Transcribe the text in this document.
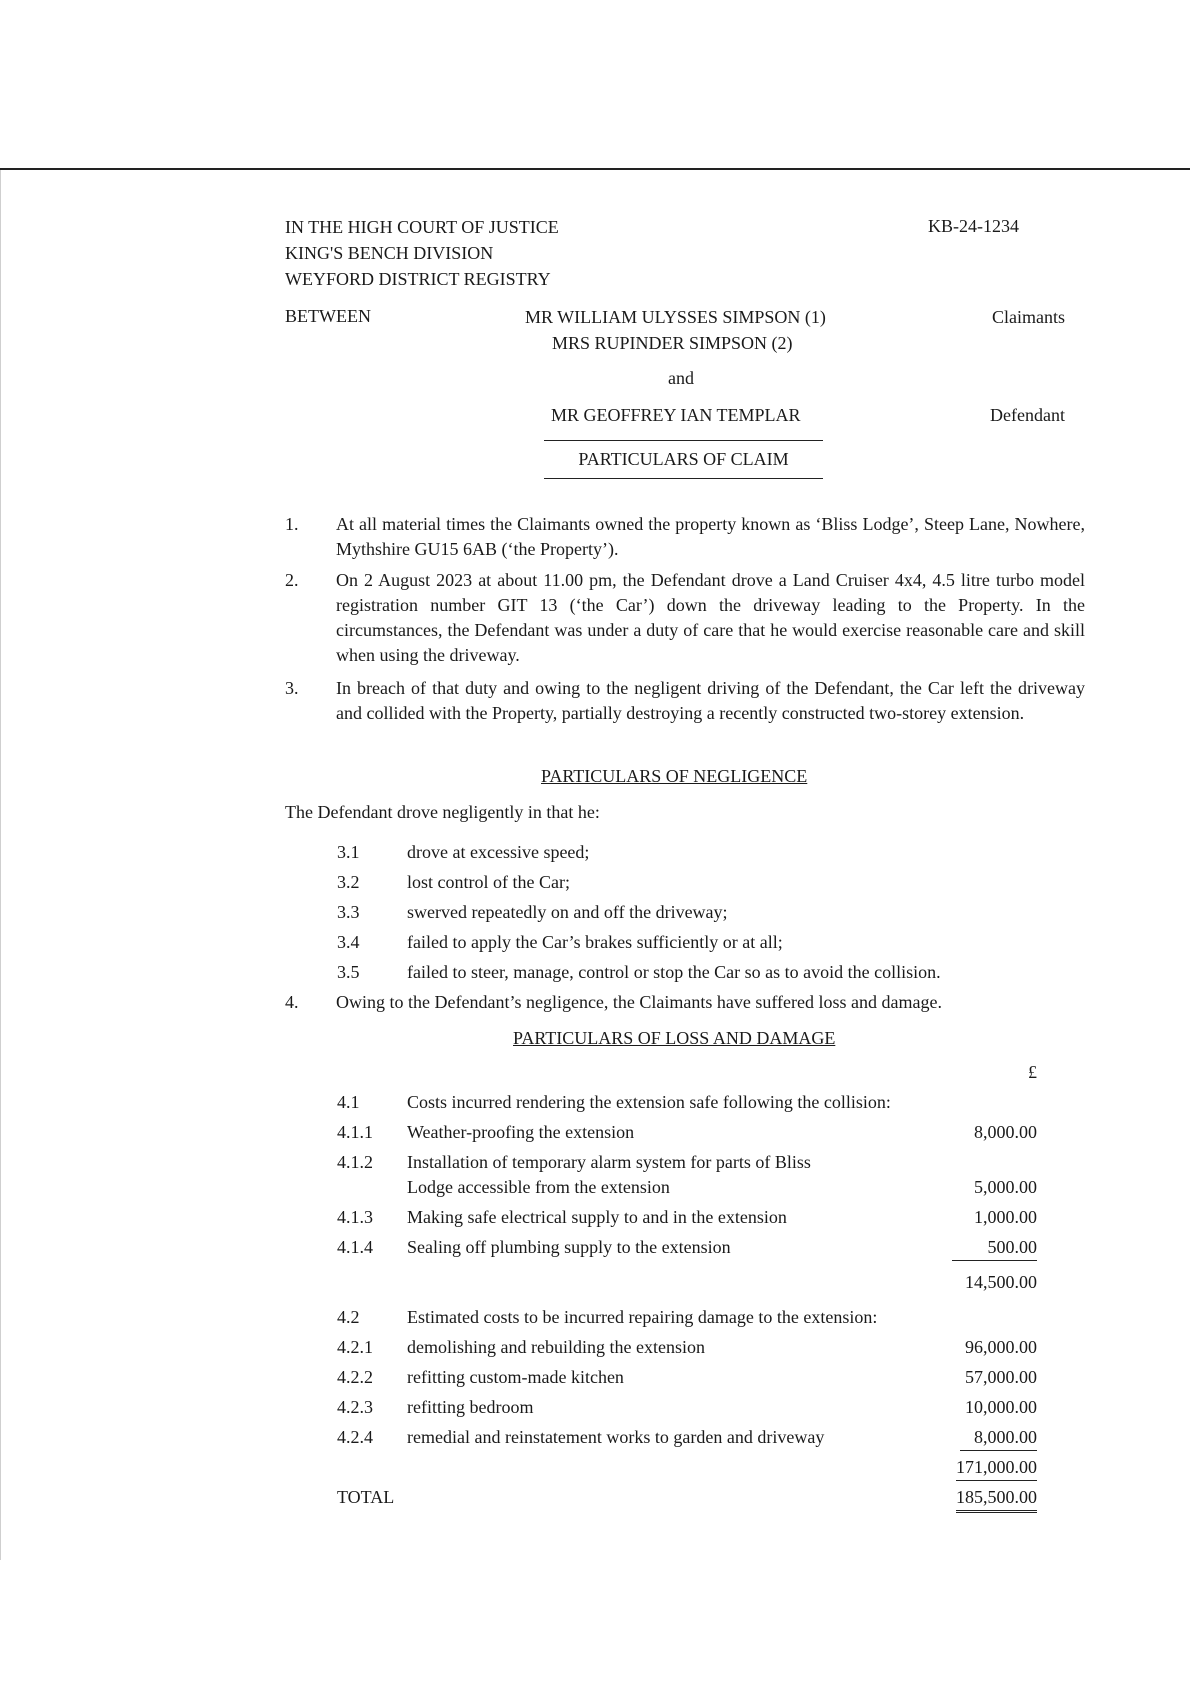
IN THE HIGH COURT OF JUSTICE
KING'S BENCH DIVISION
WEYFORD DISTRICT REGISTRY
KB-24-1234
BETWEEN	MR WILLIAM ULYSSES SIMPSON (1)
MRS RUPINDER SIMPSON (2)
Claimants
and
MR GEOFFREY IAN TEMPLAR	Defendant
PARTICULARS OF CLAIM
1. At all material times the Claimants owned the property known as ‘Bliss Lodge’, Steep Lane, Nowhere, Mythshire GU15 6AB (‘the Property’).
2. On 2 August 2023 at about 11.00 pm, the Defendant drove a Land Cruiser 4x4, 4.5 litre turbo model registration number GIT 13 (‘the Car’) down the driveway leading to the Property. In the circumstances, the Defendant was under a duty of care that he would exercise reasonable care and skill when using the driveway.
3. In breach of that duty and owing to the negligent driving of the Defendant, the Car left the driveway and collided with the Property, partially destroying a recently constructed two-storey extension.
PARTICULARS OF NEGLIGENCE
The Defendant drove negligently in that he:
3.1	drove at excessive speed;
3.2	lost control of the Car;
3.3	swerved repeatedly on and off the driveway;
3.4	failed to apply the Car’s brakes sufficiently or at all;
3.5	failed to steer, manage, control or stop the Car so as to avoid the collision.
4. Owing to the Defendant’s negligence, the Claimants have suffered loss and damage.
PARTICULARS OF LOSS AND DAMAGE
£
4.1	Costs incurred rendering the extension safe following the collision:
4.1.1 Weather-proofing the extension	8,000.00
4.1.2 Installation of temporary alarm system for parts of Bliss
Lodge accessible from the extension	5,000.00
4.1.3 Making safe electrical supply to and in the extension	1,000.00
4.1.4 Sealing off plumbing supply to the extension	500.00
14,500.00
4.2	Estimated costs to be incurred repairing damage to the extension:
4.2.1 demolishing and rebuilding the extension	96,000.00
4.2.2 refitting custom-made kitchen	57,000.00
4.2.3 refitting bedroom	10,000.00
4.2.4 remedial and reinstatement works to garden and driveway	8,000.00
171,000.00
TOTAL	185,500.00
